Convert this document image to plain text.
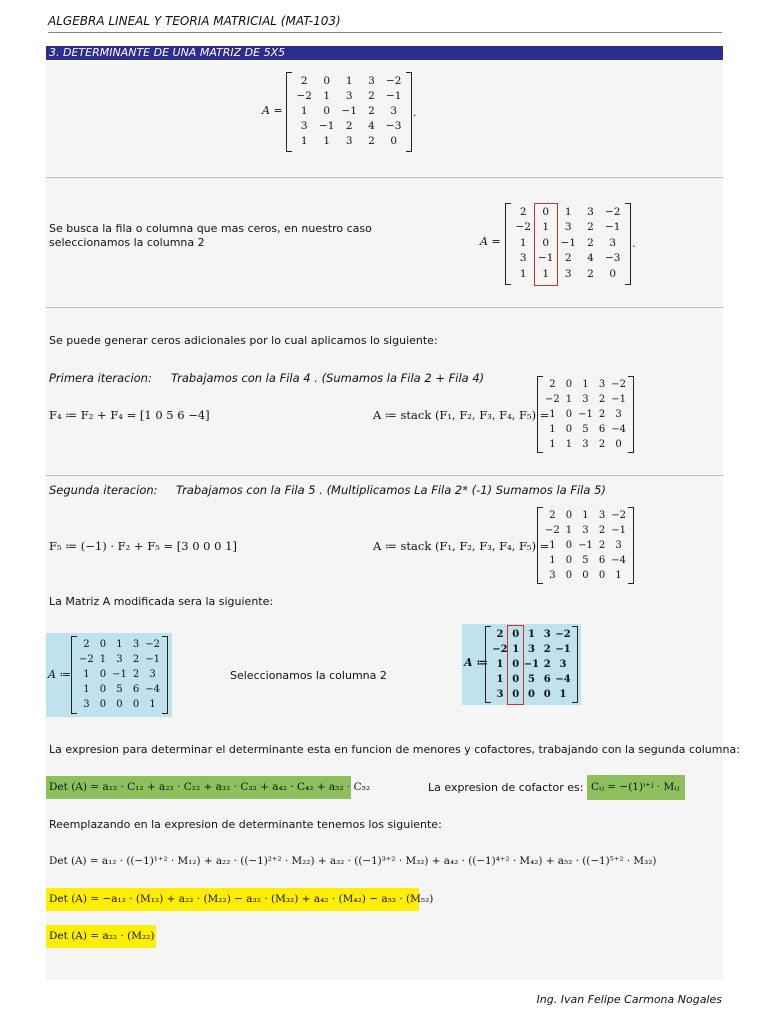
ALGEBRA LINEAL Y TEORIA MATRICIAL (MAT-103)
3. DETERMINANTE DE UNA MATRIZ DE 5X5
A =
2	0	1	3	−2
−2	1	3	2	−1
1	0	−1	2	3
3	−1	2	4	−3
1	1	3	2	0
.
Se busca la fila o columna que mas ceros, en nuestro caso seleccionamos la columna 2	A =
2	0	1	3	−2
−2	1	3	2	−1
1	0	−1	2	3
3	−1	2	4	−3
1	1	3	2	0
.
Se puede generar ceros adicionales por lo cual aplicamos lo siguiente:
Primera iteracion: Trabajamos con la Fila 4 . (Sumamos la Fila 2 + Fila 4)
F₄ ≔ F₂ + F₄ = [1 0 5 6 −4]	A ≔ stack (F₁, F₂, F₃, F₄, F₅) =
2	0	1	3	−2
−2	1	3	2	−1
1	0	−1	2	3
1	0	5	6	−4
1	1	3	2	0
Segunda iteracion: Trabajamos con la Fila 5 . (Multiplicamos La Fila 2* (-1) Sumamos la Fila 5)
F₅ ≔ (−1) · F₂ + F₅ = [3 0 0 0 1]	A ≔ stack (F₁, F₂, F₃, F₄, F₅) =
2	0	1	3	−2
−2	1	3	2	−1
1	0	−1	2	3
1	0	5	6	−4
3	0	0	0	1
La Matriz A modificada sera la siguiente:
A ≔
2	0	1	3	−2
−2	1	3	2	−1
1	0	−1	2	3
1	0	5	6	−4
3	0	0	0	1
Seleccionamos la columna 2
A ≔
2	0	1	3	−2
−2	1	3	2	−1
1	0	−1	2	3
1	0	5	6	−4
3	0	0	0	1
La expresion para determinar el determinante esta en funcion de menores y cofactores, trabajando con la segunda columna:
Det (A) = a₁₂ · C₁₂ + a₂₂ · C₂₂ + a₃₂ · C₃₂ + a₄₂ · C₄₂ + a₅₂ · C₅₂	La expresion de cofactor es: Cᵢⱼ = −(1)ⁱ⁺ʲ · Mᵢⱼ
Reemplazando en la expresion de determinante tenemos los siguiente:
Det (A) = a₁₂ · ((−1)¹⁺² · M₁₂) + a₂₂ · ((−1)²⁺² · M₂₂) + a₃₂ · ((−1)³⁺² · M₃₂) + a₄₂ · ((−1)⁴⁺² · M₄₂) + a₅₂ · ((−1)⁵⁺² · M₃₂)
Det (A) = −a₁₂ · (M₁₂) + a₂₂ · (M₂₂) − a₃₂ · (M₃₂) + a₄₂ · (M₄₂) − a₅₂ · (M₅₂)
Det (A) = a₂₂ · (M₂₂)
Ing. Ivan Felipe Carmona Nogales
